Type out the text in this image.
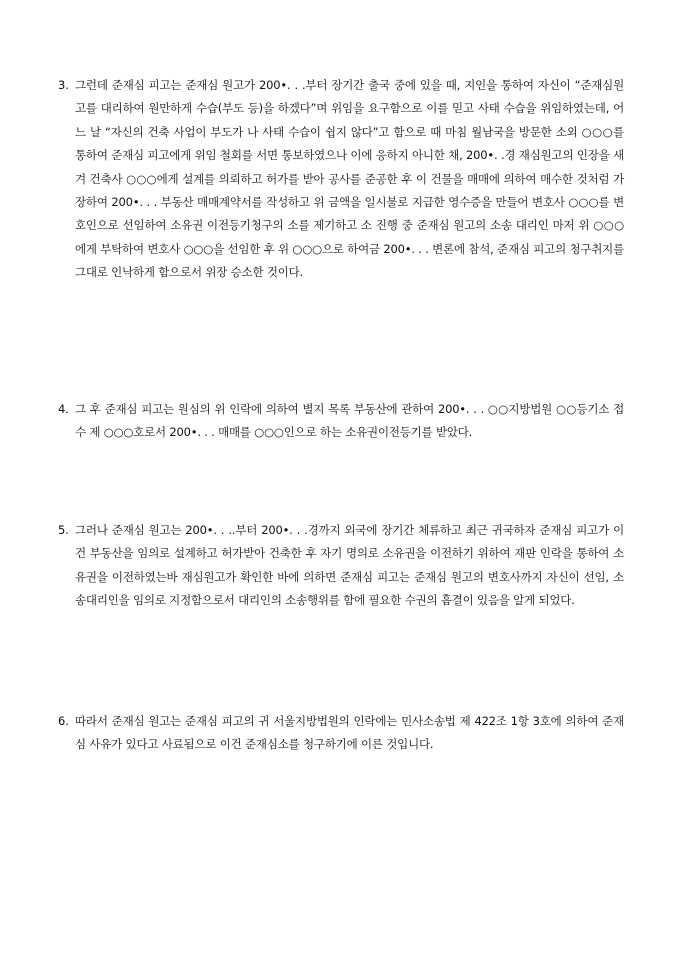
3. 그런데 준재심 피고는 준재심 원고가 200•. . .부터 장기간 출국 중에 있을 때, 지인을 통하여 자신이 “준재심원고를 대리하여 원만하게 수습(부도 등)을 하겠다”며 위임을 요구함으로 이를 믿고 사태 수습을 위임하였는데, 어느 날 “자신의 건축 사업이 부도가 나 사태 수습이 쉽지 않다”고 함으로 때 마침 월남국을 방문한 소외 ○○○를 통하여 준재심 피고에게 위임 철회를 서면 통보하였으나 이에 응하지 아니한 채, 200•. .경 재심원고의 인장을 새겨 건축사 ○○○에게 설계를 의뢰하고 허가를 받아 공사를 준공한 후 이 건물을 매매에 의하여 매수한 것처럼 가장하여 200•. . . 부동산 매매계약서를 작성하고 위 금액을 일시불로 지급한 영수증을 만들어 변호사 ○○○를 변호인으로 선임하여 소유권 이전등기청구의 소를 제기하고 소 진행 중 준재심 원고의 소송 대리인 마저 위 ○○○에게 부탁하여 변호사 ○○○을 선임한 후 위 ○○○으로 하여금 200•. . . 변론에 참석, 준재심 피고의 청구취지를 그대로 인낙하게 함으로서 위장 승소한 것이다.
4. 그 후 준재심 피고는 원심의 위 인락에 의하여 별지 목록 부동산에 관하여 200•. . . ○○지방법원 ○○등기소 접수 제 ○○○호로서 200•. . . 매매를 ○○○인으로 하는 소유권이전등기를 받았다.
5. 그러나 준재심 원고는 200•. . ..부터 200•. . .경까지 외국에 장기간 체류하고 최근 귀국하자 준재심 피고가 이건 부동산을 임의로 설계하고 허가받아 건축한 후 자기 명의로 소유권을 이전하기 위하여 재판 인락을 통하여 소유권을 이전하였는바 재심원고가 확인한 바에 의하면 준재심 피고는 준재심 원고의 변호사까지 자신이 선임, 소송대리인을 임의로 지정함으로서 대리인의 소송행위를 함에 필요한 수권의 흠결이 있음을 알게 되었다.
6. 따라서 준재심 원고는 준재심 피고의 귀 서울지방법원의 인락에는 민사소송법 제 422조 1항 3호에 의하여 준재심 사유가 있다고 사료됨으로 이건 준재심소를 청구하기에 이른 것입니다.
